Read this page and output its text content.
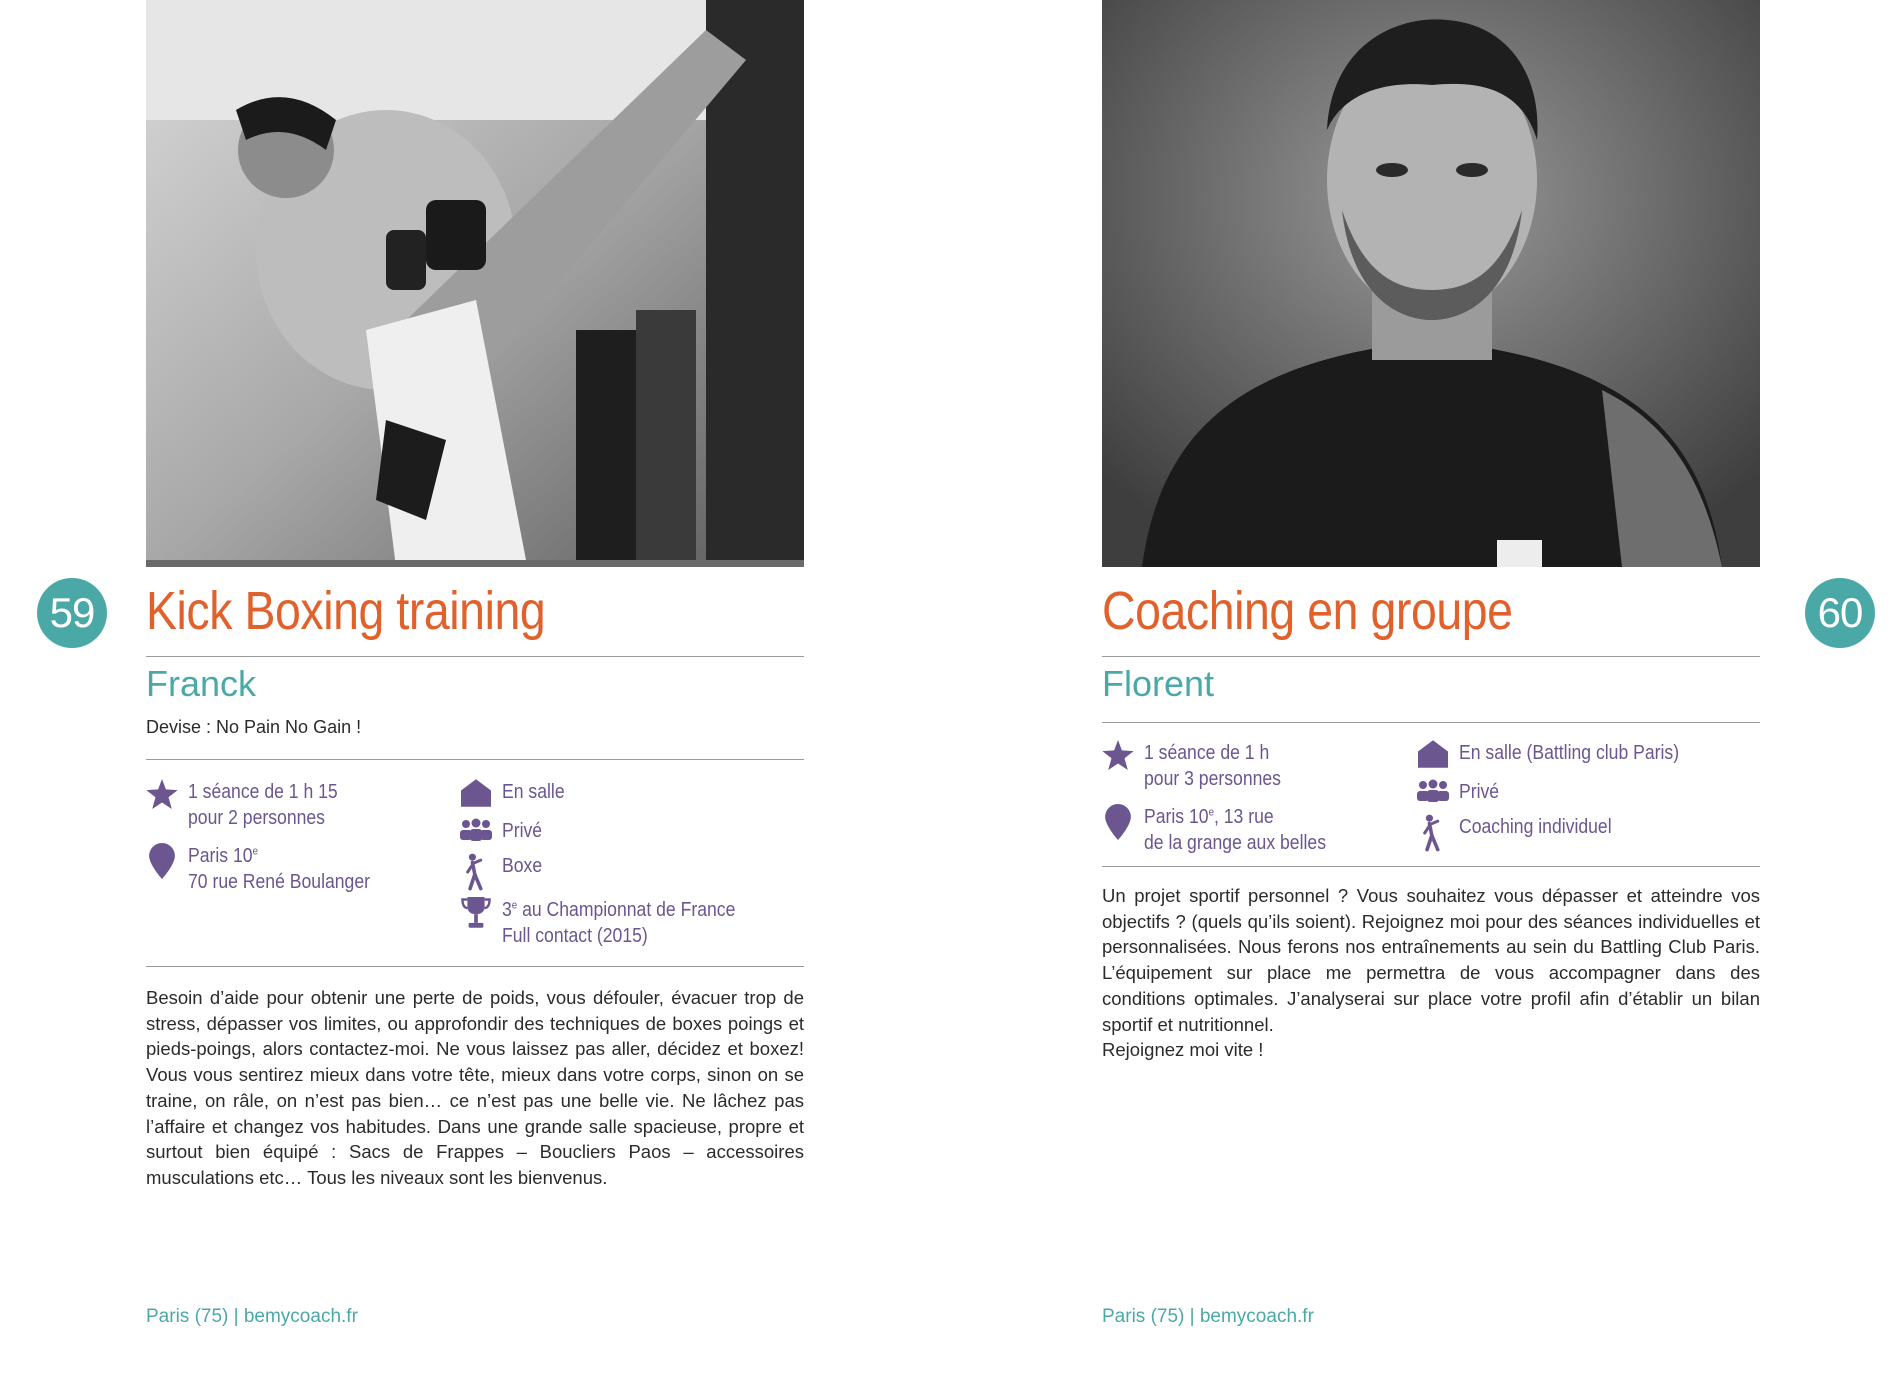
59 Kick Boxing training
Franck
Devise : No Pain No Gain !
1 séance de 1 h 15
pour 2 personnes
Paris 10e
70 rue René Boulanger
En salle
Privé
Boxe
3e au Championnat de France
Full contact (2015)

Besoin d’aide pour obtenir une perte de poids, vous défouler, évacuer trop de stress, dépasser vos limites, ou approfondir des techniques de boxes poings et pieds-poings, alors contactez-moi. Ne vous laissez pas aller, décidez et boxez! Vous vous sentirez mieux dans votre tête, mieux dans votre corps, sinon on se traine, on râle, on n’est pas bien… ce n’est pas une belle vie. Ne lâchez pas l’affaire et changez vos habitudes. Dans une grande salle spacieuse, propre et surtout bien équipé : Sacs de Frappes – Boucliers Paos – accessoires musculations etc… Tous les niveaux sont les bienvenus.

Paris (75) | bemycoach.fr
60
Coaching en groupe
Florent
1 séance de 1 h
pour 3 personnes
Paris 10e, 13 rue
de la grange aux belles
En salle (Battling club Paris)
Privé
Coaching individuel

Un projet sportif personnel ? Vous souhaitez vous dépasser et atteindre vos objectifs ? (quels qu’ils soient). Rejoignez moi pour des séances individuelles et personnalisées. Nous ferons nos entraînements au sein du Battling Club Paris. L’équipement sur place me permettra de vous accompagner dans des conditions optimales. J’analyserai sur place votre profil afin d’établir un bilan sportif et nutritionnel.
Rejoignez moi vite !

Paris (75) | bemycoach.fr
